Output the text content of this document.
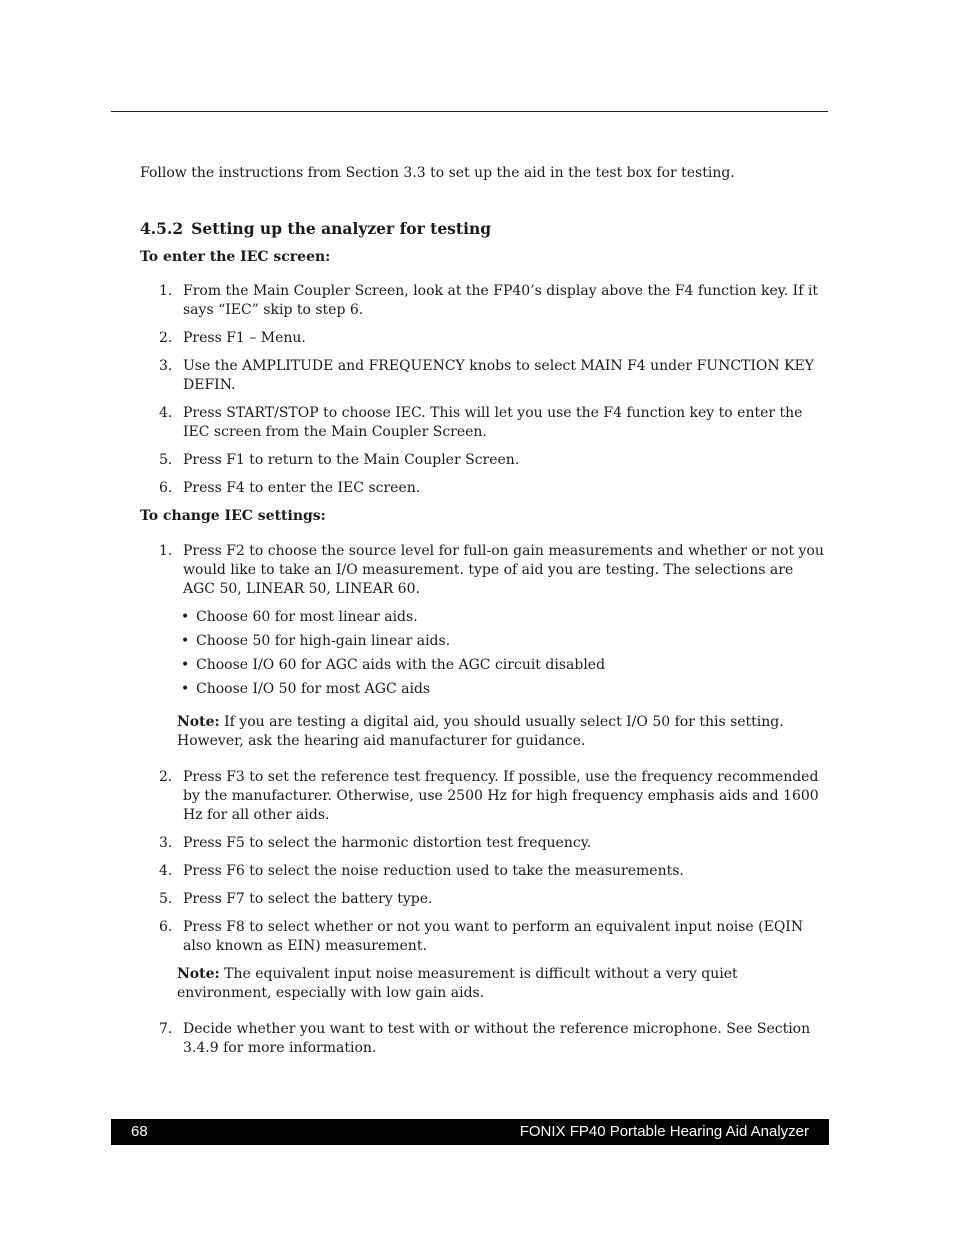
Follow the instructions from Section 3.3 to set up the aid in the test box for testing.

4.5.2 Setting up the analyzer for testing
To enter the IEC screen:
1. From the Main Coupler Screen, look at the FP40’s display above the F4 function key. If it says “IEC” skip to step 6.
2. Press F1 – Menu.
3. Use the AMPLITUDE and FREQUENCY knobs to select MAIN F4 under FUNCTION KEY DEFIN.
4. Press START/STOP to choose IEC. This will let you use the F4 function key to enter the IEC screen from the Main Coupler Screen.
5. Press F1 to return to the Main Coupler Screen.
6. Press F4 to enter the IEC screen.
To change IEC settings:
1. Press F2 to choose the source level for full-on gain measurements and whether or not you would like to take an I/O measurement. type of aid you are testing. The selections are AGC 50, LINEAR 50, LINEAR 60.
• Choose 60 for most linear aids.
• Choose 50 for high-gain linear aids.
• Choose I/O 60 for AGC aids with the AGC circuit disabled
• Choose I/O 50 for most AGC aids

Note: If you are testing a digital aid, you should usually select I/O 50 for this setting. However, ask the hearing aid manufacturer for guidance.

2. Press F3 to set the reference test frequency. If possible, use the frequency recommended by the manufacturer. Otherwise, use 2500 Hz for high frequency emphasis aids and 1600 Hz for all other aids.
3. Press F5 to select the harmonic distortion test frequency.
4. Press F6 to select the noise reduction used to take the measurements.
5. Press F7 to select the battery type.
6. Press F8 to select whether or not you want to perform an equivalent input noise (EQIN also known as EIN) measurement.

Note: The equivalent input noise measurement is difficult without a very quiet environment, especially with low gain aids.

7. Decide whether you want to test with or without the reference microphone. See Section 3.4.9 for more information.
68	FONIX FP40 Portable Hearing Aid Analyzer
